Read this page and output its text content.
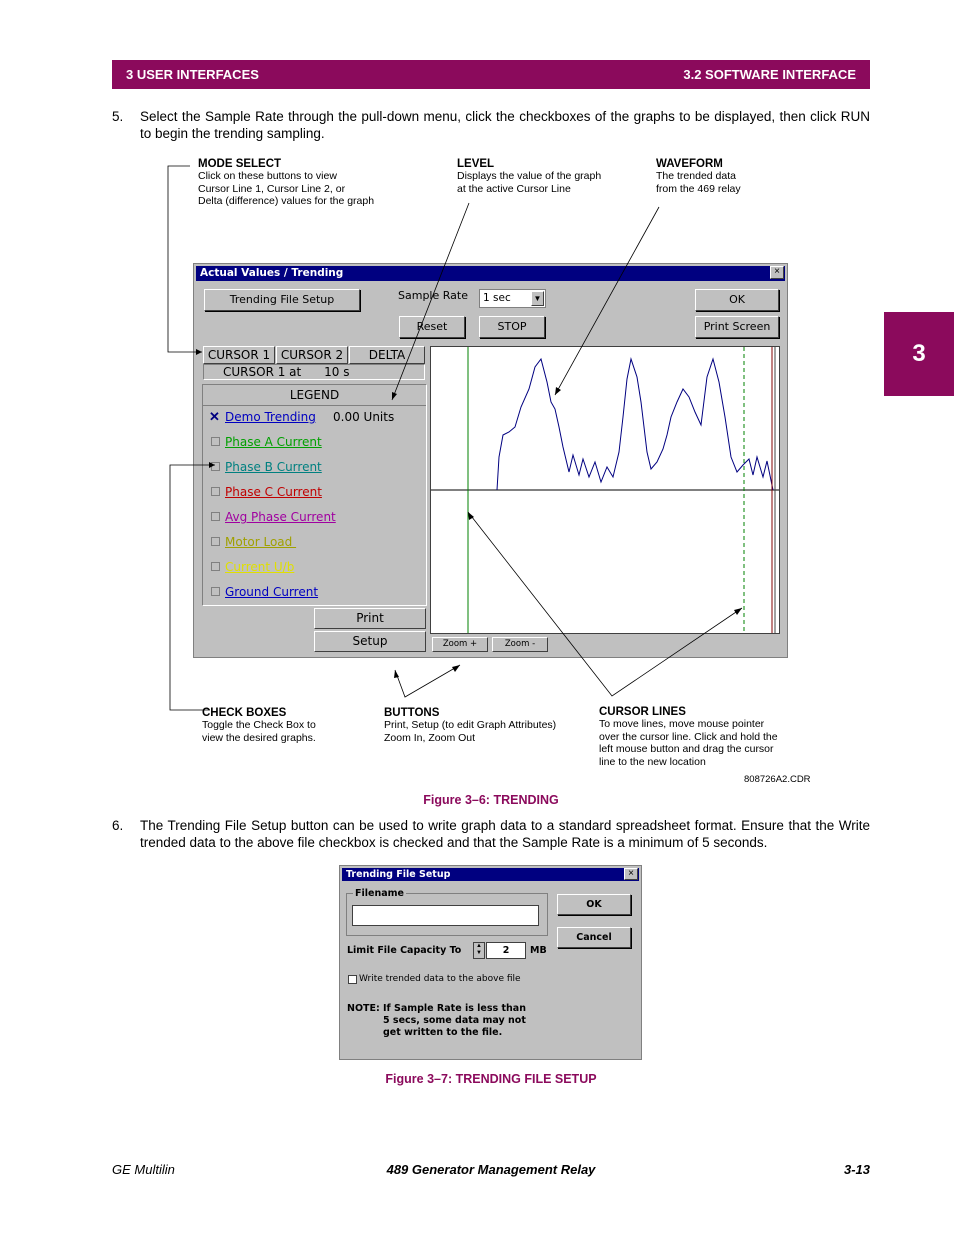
3 USER INTERFACES	3.2 SOFTWARE INTERFACE
3
5. Select the Sample Rate through the pull-down menu, click the checkboxes of the graphs to be displayed, then click RUN to begin the trending sampling.
MODE SELECT
Click on these buttons to view
Cursor Line 1, Cursor Line 2, or
Delta (difference) values for the graph
LEVEL
Displays the value of the graph
at the active Cursor Line
WAVEFORM
The trended data
from the 469 relay
Actual Values / Trending	×
Trending File Setup	Sample Rate 1 sec	▼	OK
Reset	STOP	Print Screen
CURSOR 1 CURSOR 2	DELTA
CURSOR 1 at      10 s
LEGEND
✕ Demo Trending 0.00 Units
Phase A Current
Phase B Current
Phase C Current
Avg Phase Current
Motor Load
Current U/b
Ground Current
Print
Setup	Zoom +	Zoom -
CHECK BOXES
Toggle the Check Box to
view the desired graphs.
BUTTONS
Print, Setup (to edit Graph Attributes)
Zoom In, Zoom Out
CURSOR LINES
To move lines, move mouse pointer
over the cursor line. Click and hold the
left mouse button and drag the cursor
line to the new location
808726A2.CDR
Figure 3–6: TRENDING
6. The Trending File Setup button can be used to write graph data to a standard spreadsheet format. Ensure that the Write trended data to the above file checkbox is checked and that the Sample Rate is a minimum of 5 seconds.
Trending File Setup	×
Filename
OK
Cancel
Limit File Capacity To	▲
▼	2	MB
Write trended data to the above file
NOTE: If Sample Rate is less than
5 secs, some data may not
get written to the file.
Figure 3–7: TRENDING FILE SETUP
GE Multilin	489 Generator Management Relay	3-13
